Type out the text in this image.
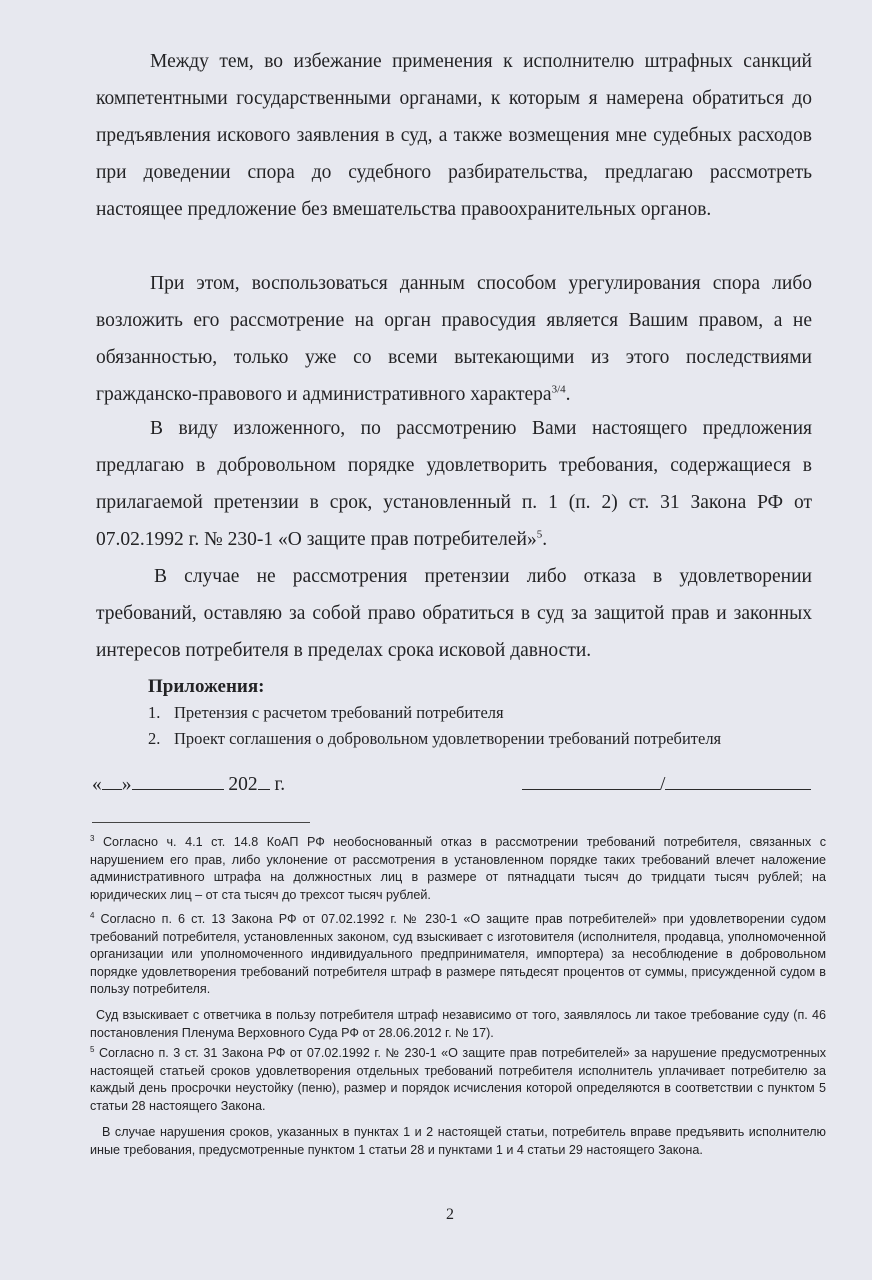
Между тем, во избежание применения к исполнителю штрафных санкций компетентными государственными органами, к которым я намерена обратиться до предъявления искового заявления в суд, а также возмещения мне судебных расходов при доведении спора до судебного разбирательства, предлагаю рассмотреть настоящее предложение без вмешательства правоохранительных органов.

При этом, воспользоваться данным способом урегулирования спора либо возложить его рассмотрение на орган правосудия является Вашим правом, а не обязанностью, только уже со всеми вытекающими из этого последствиями гражданско-правового и административного характера$^{3/4}$.

В виду изложенного, по рассмотрению Вами настоящего предложения предлагаю в добровольном порядке удовлетворить требования, содержащиеся в прилагаемой претензии в срок, установленный п. 1 (п. 2) ст. 31 Закона РФ от 07.02.1992 г. № 230-1 «О защите прав потребителей»$^5$.

В случае не рассмотрения претензии либо отказа в удовлетворении требований, оставляю за собой право обратиться в суд за защитой прав и законных интересов потребителя в пределах срока исковой давности.

Приложения:
1. Претензия с расчетом требований потребителя
2. Проект соглашения о добровольном удовлетворении требований потребителя
« »	202 г.	/

$^3$ Согласно ч. 4.1 ст. 14.8 КоАП РФ необоснованный отказ в рассмотрении требований потребителя, связанных с нарушением его прав, либо уклонение от рассмотрения в установленном порядке таких требований влечет наложение административного штрафа на должностных лиц в размере от пятнадцати тысяч до тридцати тысяч рублей; на юридических лиц – от ста тысяч до трехсот тысяч рублей.

$^4$ Согласно п. 6 ст. 13 Закона РФ от 07.02.1992 г. № 230-1 «О защите прав потребителей» при удовлетворении судом требований потребителя, установленных законом, суд взыскивает с изготовителя (исполнителя, продавца, уполномоченной организации или уполномоченного индивидуального предпринимателя, импортера) за несоблюдение в добровольном порядке удовлетворения требований потребителя штраф в размере пятьдесят процентов от суммы, присужденной судом в пользу потребителя.

Суд взыскивает с ответчика в пользу потребителя штраф независимо от того, заявлялось ли такое требование суду (п. 46 постановления Пленума Верховного Суда РФ от 28.06.2012 г. № 17).

$^5$ Согласно п. 3 ст. 31 Закона РФ от 07.02.1992 г. № 230-1 «О защите прав потребителей» за нарушение предусмотренных настоящей статьей сроков удовлетворения отдельных требований потребителя исполнитель уплачивает потребителю за каждый день просрочки неустойку (пеню), размер и порядок исчисления которой определяются в соответствии с пунктом 5 статьи 28 настоящего Закона.

В случае нарушения сроков, указанных в пунктах 1 и 2 настоящей статьи, потребитель вправе предъявить исполнителю иные требования, предусмотренные пунктом 1 статьи 28 и пунктами 1 и 4 статьи 29 настоящего Закона.

2
